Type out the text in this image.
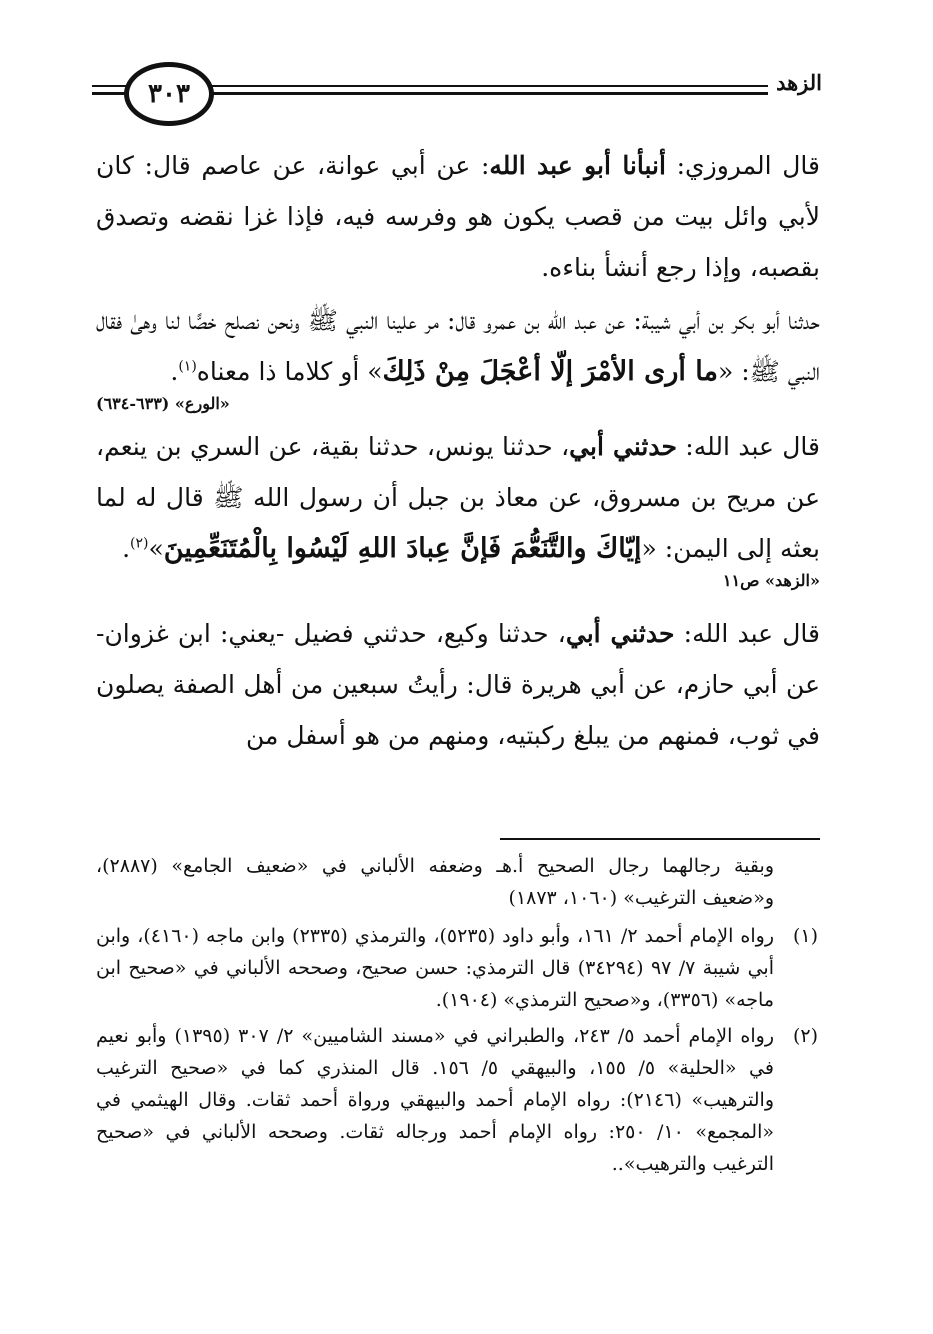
٣٠٣	الزهد

قال المروزي: أنبأنا أبو عبد الله: عن أبي عوانة، عن عاصم قال: كان لأبي وائل بيت من قصب يكون هو وفرسه فيه، فإذا غزا نقضه وتصدق بقصبه، وإذا رجع أنشأ بناءه.

حدثنا أبو بكر بن أبي شيبة: عن عبد الله بن عمرو قال: مر علينا النبي ﷺ ونحن نصلح خصًّا لنا وهىٰ فقال النبي ﷺ: «ما أرى الأمْرَ إلّا أعْجَلَ مِنْ ذَلِكَ» أو كلاما ذا معناه$^{(١)}$.

«الورع» (٦٣٣-٦٣٤)

قال عبد الله: حدثني أبي، حدثنا يونس، حدثنا بقية، عن السري بن ينعم، عن مريح بن مسروق، عن معاذ بن جبل أن رسول الله ﷺ قال له لما بعثه إلى اليمن: «إيّاكَ والتَّنَعُّمَ فَإنَّ عِبادَ اللهِ لَيْسُوا بِالْمُتَنَعِّمِينَ»$^{(٢)}$.

«الزهد» ص١١

قال عبد الله: حدثني أبي، حدثنا وكيع، حدثني فضيل -يعني: ابن غزوان- عن أبي حازم، عن أبي هريرة قال: رأيتُ سبعين من أهل الصفة يصلون في ثوب، فمنهم من يبلغ ركبتيه، ومنهم من هو أسفل من

وبقية رجالهما رجال الصحيح أ.هـ وضعفه الألباني في «ضعيف الجامع» (٢٨٨٧)، و«ضعيف الترغيب» (١٠٦٠، ١٨٧٣)
(١)
رواه الإمام أحمد ٢/ ١٦١، وأبو داود (٥٢٣٥)، والترمذي (٢٣٣٥) وابن ماجه (٤١٦٠)، وابن أبي شيبة ٧/ ٩٧ (٣٤٢٩٤) قال الترمذي: حسن صحيح، وصححه الألباني في «صحيح ابن ماجه» (٣٣٥٦)، و«صحيح الترمذي» (١٩٠٤).
(٢)
رواه الإمام أحمد ٥/ ٢٤٣، والطبراني في «مسند الشاميين» ٢/ ٣٠٧ (١٣٩٥) وأبو نعيم في «الحلية» ٥/ ١٥٥، والبيهقي ٥/ ١٥٦. قال المنذري كما في «صحيح الترغيب والترهيب» (٢١٤٦): رواه الإمام أحمد والبيهقي ورواة أحمد ثقات. وقال الهيثمي في «المجمع» ١٠/ ٢٥٠: رواه الإمام أحمد ورجاله ثقات. وصححه الألباني في «صحيح الترغيب والترهيب»..
